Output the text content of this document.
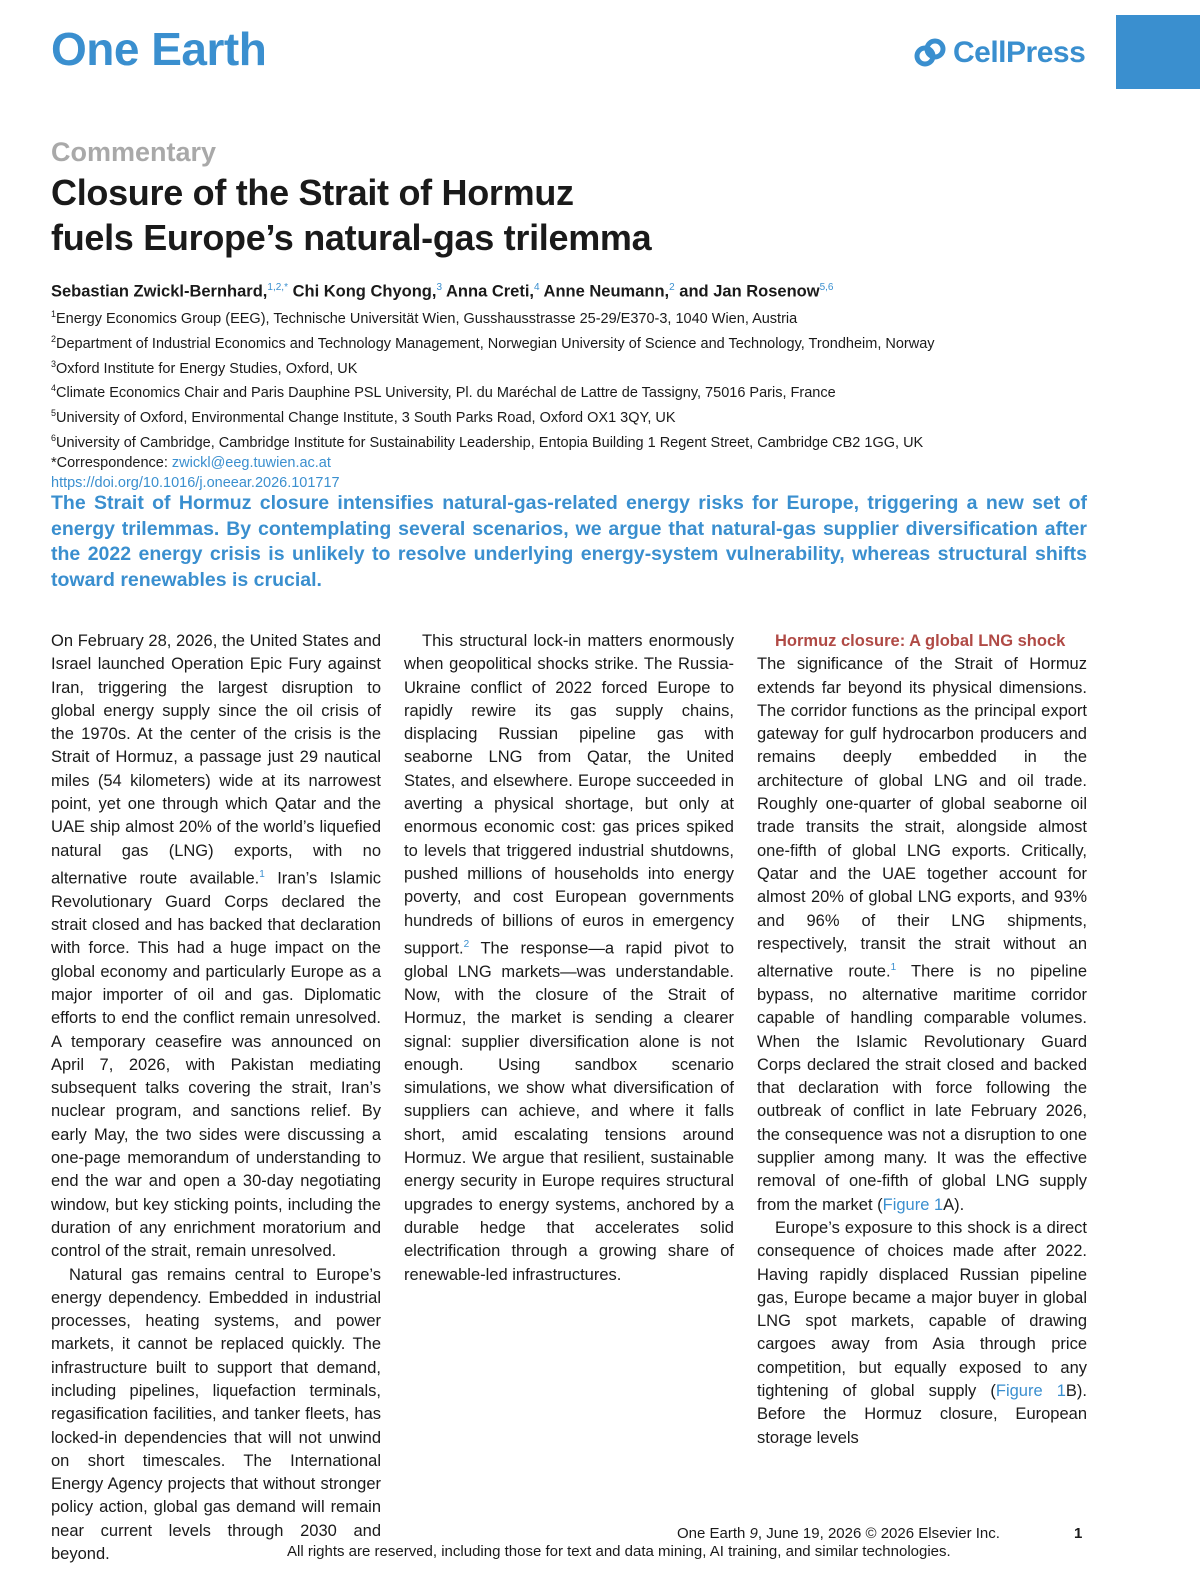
One Earth	CellPress
Commentary
Closure of the Strait of Hormuz
fuels Europe’s natural-gas trilemma
Sebastian Zwickl-Bernhard,$^{1,2,*}$ Chi Kong Chyong,$^3$ Anna Creti,$^4$ Anne Neumann,$^2$ and Jan Rosenow$^{5,6}$
$^1$Energy Economics Group (EEG), Technische Universität Wien, Gusshausstrasse 25-29/E370-3, 1040 Wien, Austria
$^2$Department of Industrial Economics and Technology Management, Norwegian University of Science and Technology, Trondheim, Norway
$^3$Oxford Institute for Energy Studies, Oxford, UK
$^4$Climate Economics Chair and Paris Dauphine PSL University, Pl. du Maréchal de Lattre de Tassigny, 75016 Paris, France
$^5$University of Oxford, Environmental Change Institute, 3 South Parks Road, Oxford OX1 3QY, UK
$^6$University of Cambridge, Cambridge Institute for Sustainability Leadership, Entopia Building 1 Regent Street, Cambridge CB2 1GG, UK
*Correspondence: zwickl@eeg.tuwien.ac.at
https://doi.org/10.1016/j.oneear.2026.101717

The Strait of Hormuz closure intensifies natural-gas-related energy risks for Europe, triggering a new set of energy trilemmas. By contemplating several scenarios, we argue that natural-gas supplier diversification after the 2022 energy crisis is unlikely to resolve underlying energy-system vulnerability, whereas structural shifts toward renewables is crucial.

On February 28, 2026, the United States and Israel launched Operation Epic Fury against Iran, triggering the largest disruption to global energy supply since the oil crisis of the 1970s. At the center of the crisis is the Strait of Hormuz, a passage just 29 nautical miles (54 kilometers) wide at its narrowest point, yet one through which Qatar and the UAE ship almost 20% of the world’s liquefied natural gas (LNG) exports, with no alternative route available.$^1$ Iran’s Islamic Revolutionary Guard Corps declared the strait closed and has backed that declaration with force. This had a huge impact on the global economy and particularly Europe as a major importer of oil and gas. Diplomatic efforts to end the conflict remain unresolved. A temporary ceasefire was announced on April 7, 2026, with Pakistan mediating subsequent talks covering the strait, Iran’s nuclear program, and sanctions relief. By early May, the two sides were discussing a one-page memorandum of understanding to end the war and open a 30-day negotiating window, but key sticking points, including the duration of any enrichment moratorium and control of the strait, remain unresolved.

Natural gas remains central to Europe’s energy dependency. Embedded in industrial processes, heating systems, and power markets, it cannot be replaced quickly. The infrastructure built to support that demand, including pipelines, liquefaction terminals, regasification facilities, and tanker fleets, has locked-in dependencies that will not unwind on short timescales. The International Energy Agency projects that without stronger policy action, global gas demand will remain near current levels through 2030 and beyond.

This structural lock-in matters enormously when geopolitical shocks strike. The Russia-Ukraine conflict of 2022 forced Europe to rapidly rewire its gas supply chains, displacing Russian pipeline gas with seaborne LNG from Qatar, the United States, and elsewhere. Europe succeeded in averting a physical shortage, but only at enormous economic cost: gas prices spiked to levels that triggered industrial shutdowns, pushed millions of households into energy poverty, and cost European governments hundreds of billions of euros in emergency support.$^2$ The response—a rapid pivot to global LNG markets—was understandable. Now, with the closure of the Strait of Hormuz, the market is sending a clearer signal: supplier diversification alone is not enough. Using sandbox scenario simulations, we show what diversification of suppliers can achieve, and where it falls short, amid escalating tensions around Hormuz. We argue that resilient, sustainable energy security in Europe requires structural upgrades to energy systems, anchored by a durable hedge that accelerates solid electrification through a growing share of renewable-led infrastructures.

Hormuz closure: A global LNG shock

The significance of the Strait of Hormuz extends far beyond its physical dimensions. The corridor functions as the principal export gateway for gulf hydrocarbon producers and remains deeply embedded in the architecture of global LNG and oil trade. Roughly one-quarter of global seaborne oil trade transits the strait, alongside almost one-fifth of global LNG exports. Critically, Qatar and the UAE together account for almost 20% of global LNG exports, and 93% and 96% of their LNG shipments, respectively, transit the strait without an alternative route.$^1$ There is no pipeline bypass, no alternative maritime corridor capable of handling comparable volumes. When the Islamic Revolutionary Guard Corps declared the strait closed and backed that declaration with force following the outbreak of conflict in late February 2026, the consequence was not a disruption to one supplier among many. It was the effective removal of one-fifth of global LNG supply from the market (Figure 1A).

Europe’s exposure to this shock is a direct consequence of choices made after 2022. Having rapidly displaced Russian pipeline gas, Europe became a major buyer in global LNG spot markets, capable of drawing cargoes away from Asia through price competition, but equally exposed to any tightening of global supply (Figure 1B). Before the Hormuz closure, European storage levels

One Earth 9, June 19, 2026 © 2026 Elsevier Inc.	1
All rights are reserved, including those for text and data mining, AI training, and similar technologies.
